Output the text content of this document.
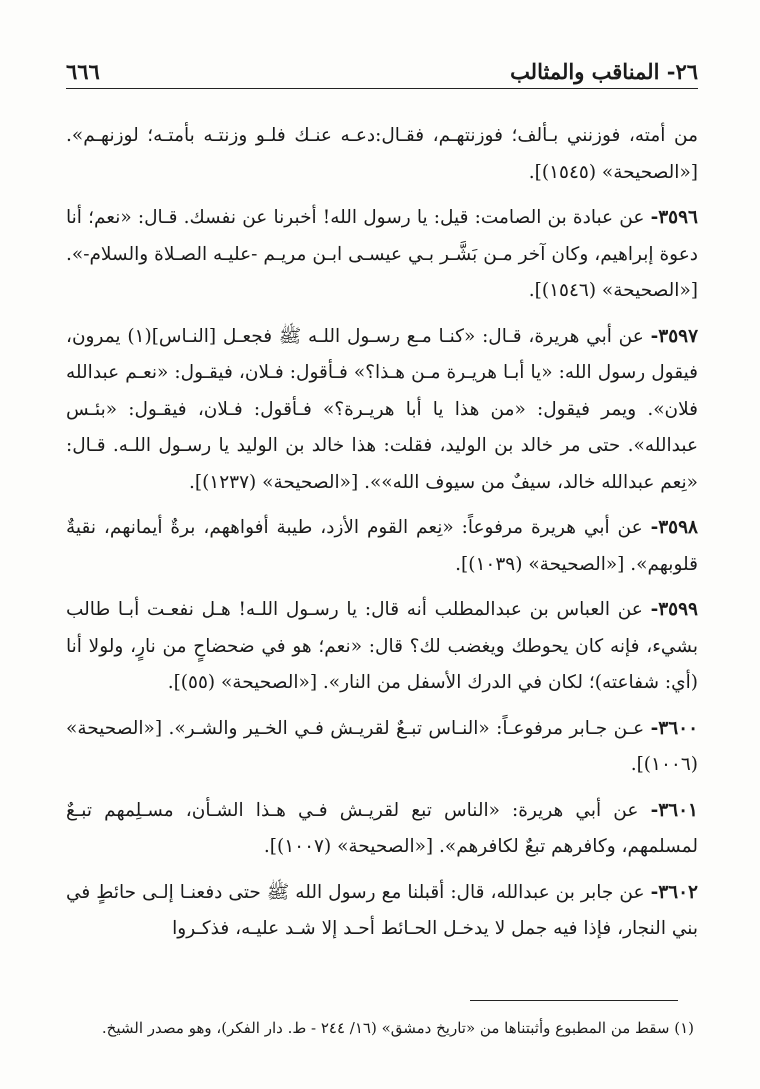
٦٦٦	٢٦- المناقب والمثالب

من أمته، فوزنني بـألف؛ فوزنتهـم، فقـال:دعـه عنـك فلـو وزنتـه بأمتـه؛ لوزنهـم». [«الصحيحة» (١٥٤٥)].

٣٥٩٦- عن عبادة بن الصامت: قيل: يا رسول الله! أخبرنا عن نفسك. قـال: «نعم؛ أنا دعوة إبراهيم، وكان آخر مـن بَشَّـر بـي عيسـى ابـن مريـم -عليـه الصـلاة والسلام-». [«الصحيحة» (١٥٤٦)].

٣٥٩٧- عن أبي هريرة، قـال: «كنـا مـع رسـول اللـه ﷺ فجعـل [النـاس](١) يمرون، فيقول رسول الله: «يا أبـا هريـرة مـن هـذا؟» فـأقول: فـلان، فيقـول: «نعـم عبدالله فلان». ويمر فيقول: «من هذا يا أبا هريـرة؟» فـأقول: فـلان، فيقـول: «بئـس عبدالله». حتى مر خالد بن الوليد، فقلت: هذا خالد بن الوليد يا رسـول اللـه. قـال: «نِعم عبدالله خالد، سيفٌ من سيوف الله»». [«الصحيحة» (١٢٣٧)].

٣٥٩٨- عن أبي هريرة مرفوعاً: «نِعم القوم الأزد، طيبة أفواههم، برةٌ أيمانهم، نقيةٌ قلوبهم». [«الصحيحة» (١٠٣٩)].

٣٥٩٩- عن العباس بن عبدالمطلب أنه قال: يا رسـول اللـه! هـل نفعـت أبـا طالب بشيء، فإنه كان يحوطك ويغضب لك؟ قال: «نعم؛ هو في ضحضاحٍ من نارٍ، ولولا أنا (أي: شفاعته)؛ لكان في الدرك الأسفل من النار». [«الصحيحة» (٥٥)].

٣٦٠٠- عـن جـابر مرفوعـاً: «النـاس تبـعٌ لقريـش فـي الخـير والشـر». [«الصحيحة» (١٠٠٦)].

٣٦٠١- عن أبي هريرة: «الناس تبع لقريـش فـي هـذا الشـأن، مسـلِمهم تبـعٌ لمسلمهم، وكافرهم تبعٌ لكافرهم». [«الصحيحة» (١٠٠٧)].

٣٦٠٢- عن جابر بن عبدالله، قال: أقبلنا مع رسول الله ﷺ حتى دفعنـا إلـى حائطٍ في بني النجار، فإذا فيه جمل لا يدخـل الحـائط أحـد إلا شـد عليـه، فذكـروا

(١) سقط من المطبوع وأثبتناها من «تاريخ دمشق» (١٦/ ٢٤٤ - ط. دار الفكر)، وهو مصدر الشيخ.
